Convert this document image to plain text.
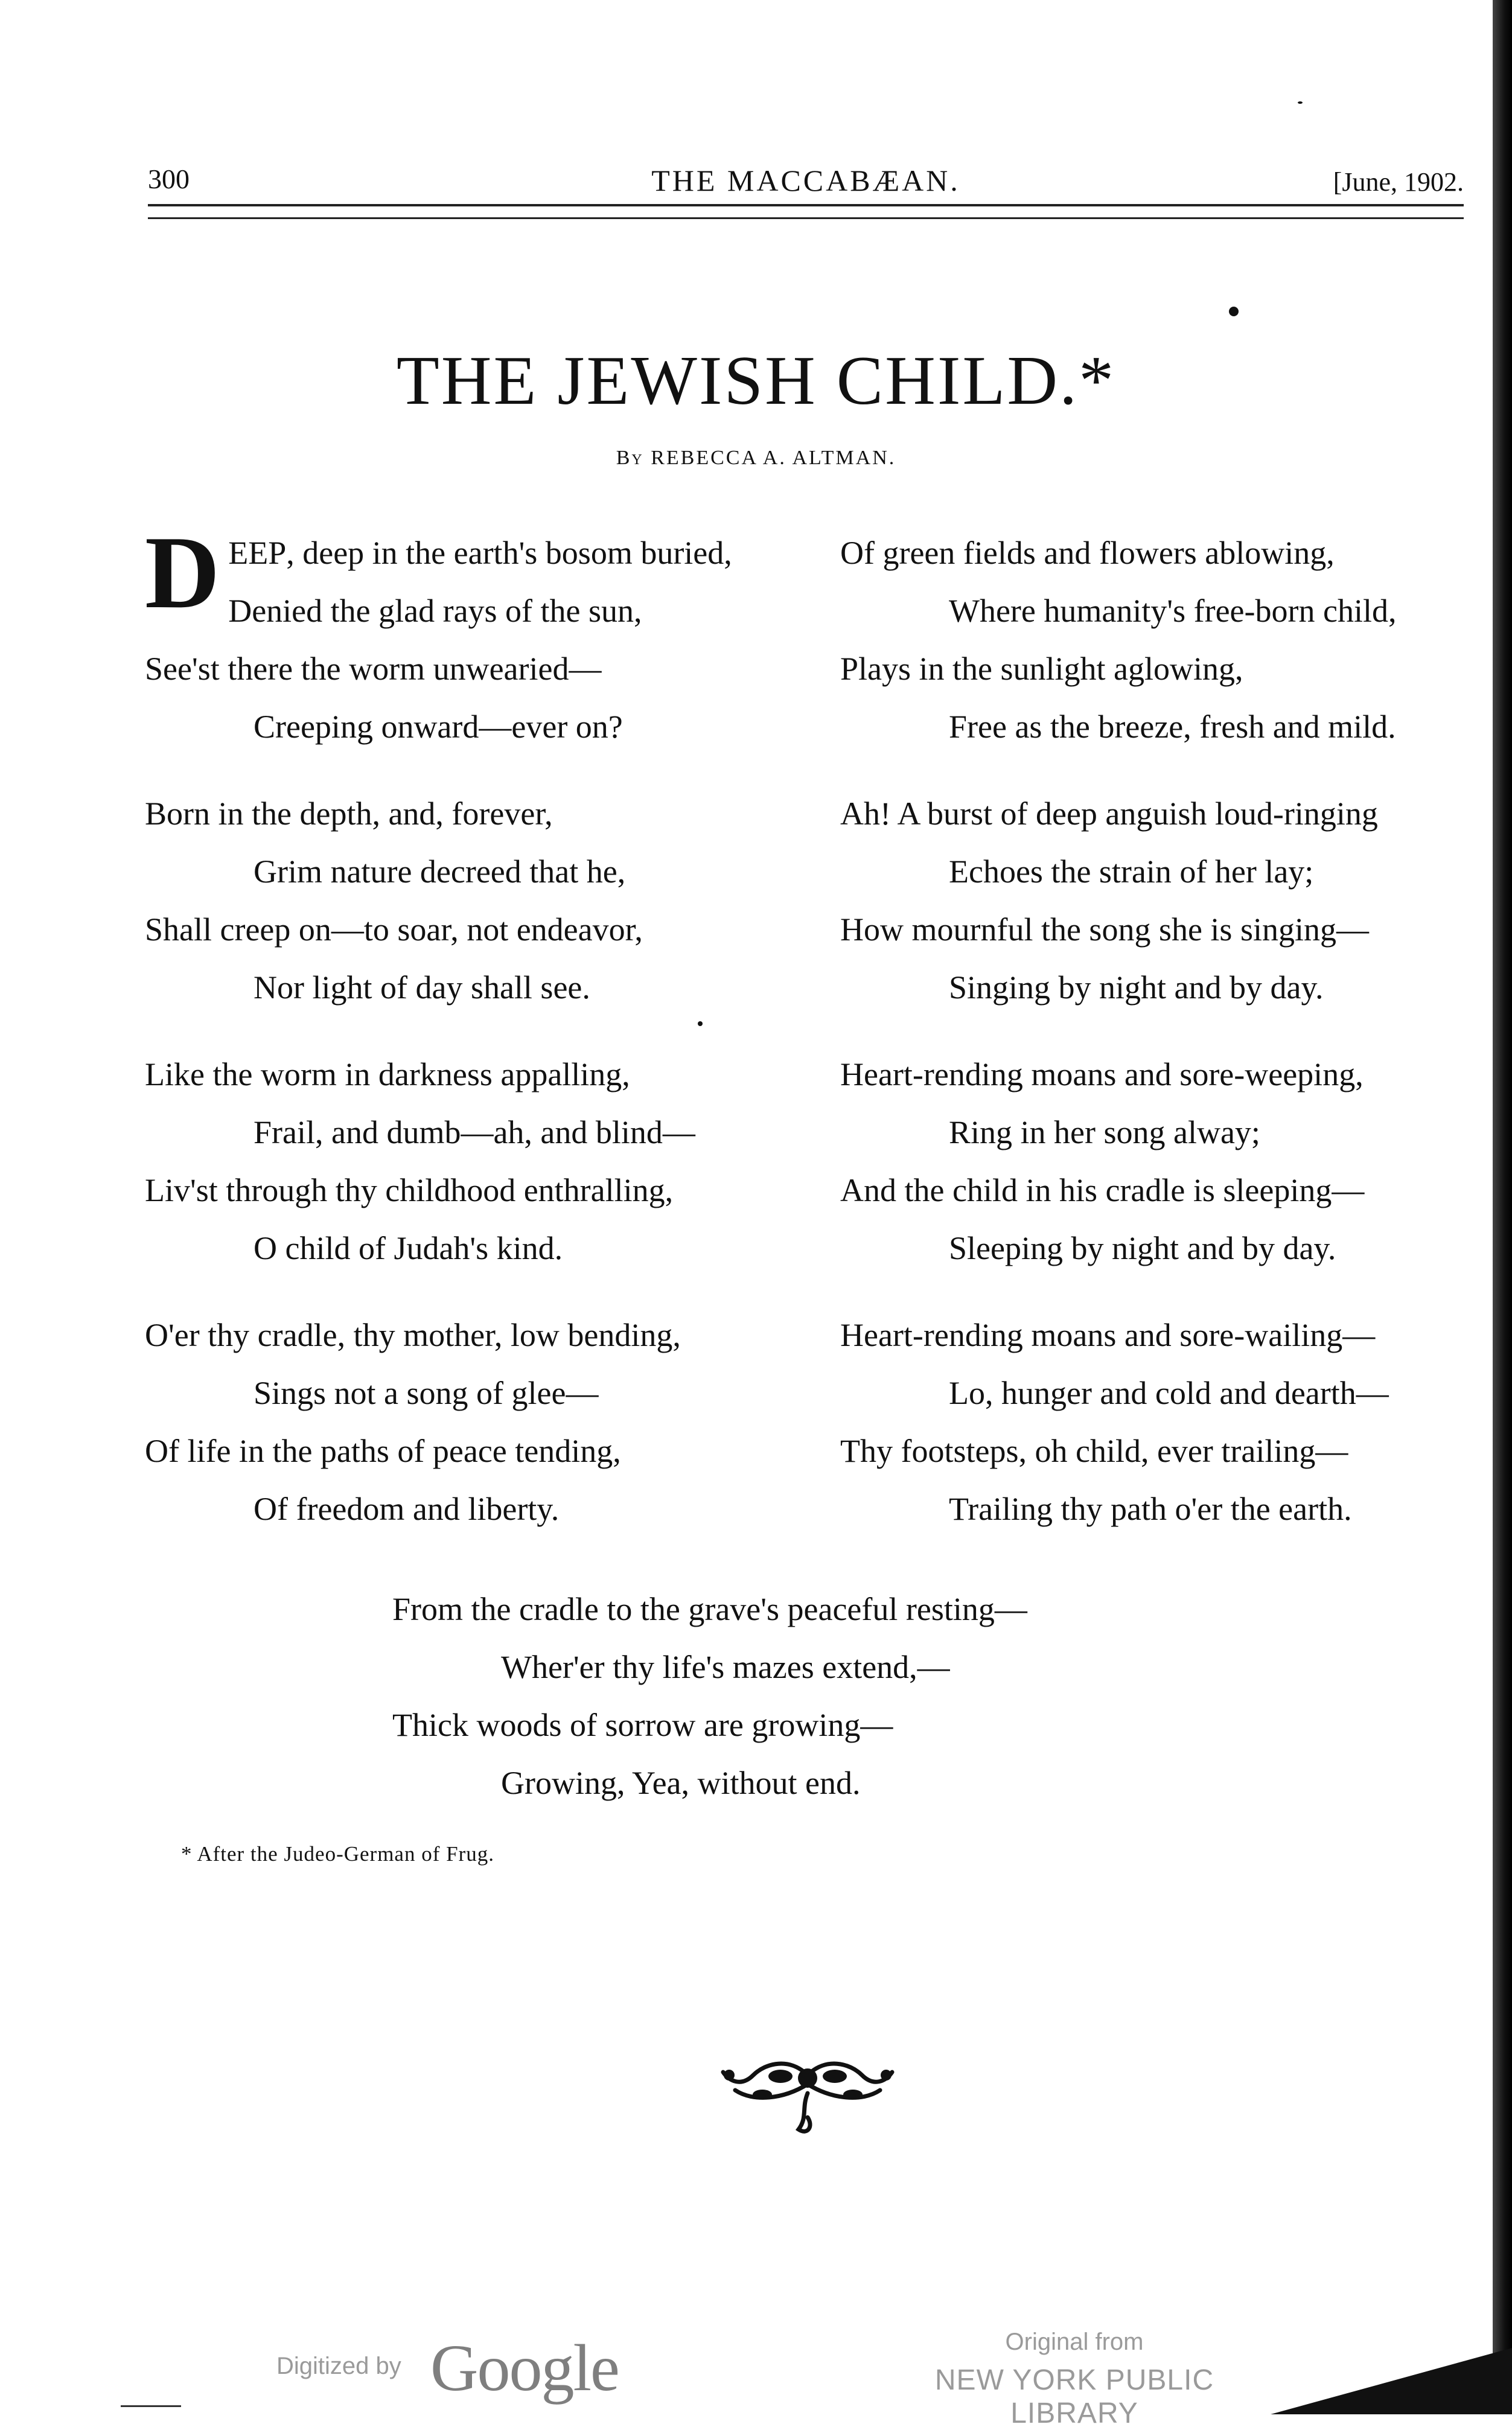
300	THE MACCABÆAN.	[June, 1902.
THE JEWISH CHILD.*
By REBECCA A. ALTMAN.
DEEP, deep in the earth's bosom buried,
Denied the glad rays of the sun,
See'st there the worm unwearied—
Creeping onward—ever on?
Born in the depth, and, forever,
Grim nature decreed that he,
Shall creep on—to soar, not endeavor,
Nor light of day shall see.
Like the worm in darkness appalling,
Frail, and dumb—ah, and blind—
Liv'st through thy childhood enthralling,
O child of Judah's kind.
O'er thy cradle, thy mother, low bending,
Sings not a song of glee—
Of life in the paths of peace tending,
Of freedom and liberty.
Of green fields and flowers ablowing,
Where humanity's free-born child,
Plays in the sunlight aglowing,
Free as the breeze, fresh and mild.
Ah! A burst of deep anguish loud-ringing
Echoes the strain of her lay;
How mournful the song she is singing—
Singing by night and by day.
Heart-rending moans and sore-weeping,
Ring in her song alway;
And the child in his cradle is sleeping—
Sleeping by night and by day.
Heart-rending moans and sore-wailing—
Lo, hunger and cold and dearth—
Thy footsteps, oh child, ever trailing—
Trailing thy path o'er the earth.
From the cradle to the grave's peaceful resting—
Wher'er thy life's mazes extend,—
Thick woods of sorrow are growing—
Growing, Yea, without end.
* After the Judeo-German of Frug.
Digitized by Google	Original from
NEW YORK PUBLIC LIBRARY
